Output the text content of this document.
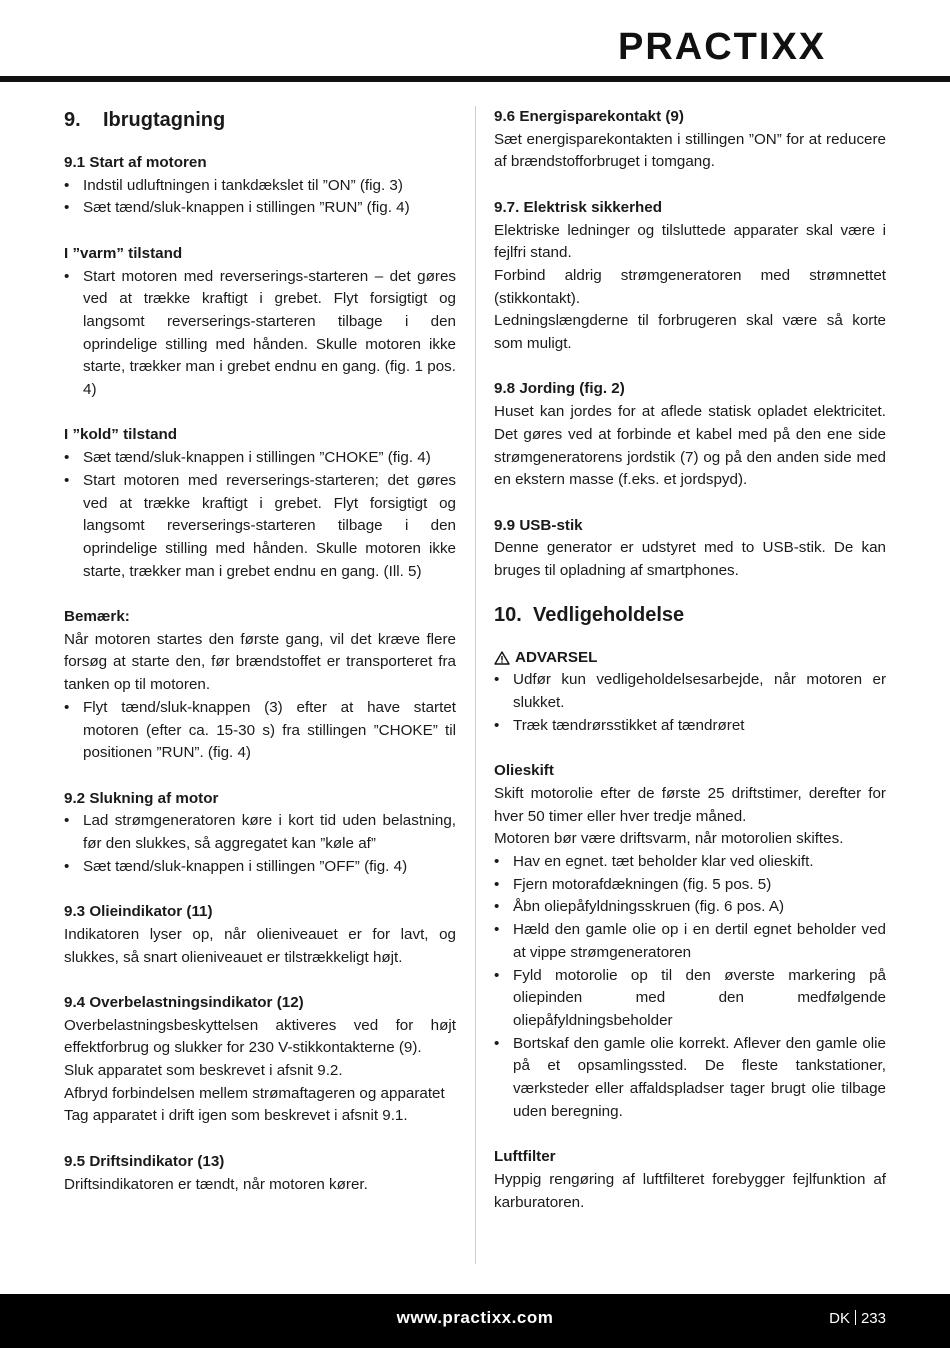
PRACTIXX
9.	Ibrugtagning
9.1 Start af motoren
• Indstil udluftningen i tankdækslet til ”ON” (fig. 3)
• Sæt tænd/sluk-knappen i stillingen ”RUN” (fig. 4)
I ”varm” tilstand
• Start motoren med reverserings-starteren – det gøres ved at trække kraftigt i grebet. Flyt forsigtigt og langsomt reverserings-starteren tilbage i den oprindelige stilling med hånden. Skulle motoren ikke starte, trækker man i grebet endnu en gang. (fig. 1 pos. 4)
I ”kold” tilstand
• Sæt tænd/sluk-knappen i stillingen ”CHOKE” (fig. 4)
• Start motoren med reverserings-starteren; det gøres ved at trække kraftigt i grebet. Flyt forsigtigt og langsomt reverserings-starteren tilbage i den oprindelige stilling med hånden. Skulle motoren ikke starte, trækker man i grebet endnu en gang. (Ill. 5)
Bemærk:

Når motoren startes den første gang, vil det kræve flere forsøg at starte den, før brændstoffet er transporteret fra tanken op til motoren.

• Flyt tænd/sluk-knappen (3) efter at have startet motoren (efter ca. 15-30 s) fra stillingen ”CHOKE” til positionen ”RUN”. (fig. 4)
9.2 Slukning af motor
• Lad strømgeneratoren køre i kort tid uden belastning, før den slukkes, så aggregatet kan ”køle af”
• Sæt tænd/sluk-knappen i stillingen ”OFF” (fig. 4)
9.3 Olieindikator (11)

Indikatoren lyser op, når olieniveauet er for lavt, og slukkes, så snart olieniveauet er tilstrækkeligt højt.

9.4 Overbelastningsindikator (12)

Overbelastningsbeskyttelsen aktiveres ved for højt effektforbrug og slukker for 230 V-stikkontakterne (9).

Sluk apparatet som beskrevet i afsnit 9.2.

Afbryd forbindelsen mellem strømaftageren og apparatet

Tag apparatet i drift igen som beskrevet i afsnit 9.1.

9.5 Driftsindikator (13)

Driftsindikatoren er tændt, når motoren kører.

9.6 Energisparekontakt (9)

Sæt energisparekontakten i stillingen ”ON” for at reducere af brændstofforbruget i tomgang.

9.7. Elektrisk sikkerhed

Elektriske ledninger og tilsluttede apparater skal være i fejlfri stand.

Forbind aldrig strømgeneratoren med strømnettet (stikkontakt).

Ledningslængderne til forbrugeren skal være så korte som muligt.

9.8 Jording (fig. 2)

Huset kan jordes for at aflede statisk opladet elektricitet. Det gøres ved at forbinde et kabel med på den ene side strømgeneratorens jordstik (7) og på den anden side med en ekstern masse (f.eks. et jordspyd).

9.9 USB-stik

Denne generator er udstyret med to USB-stik. De kan bruges til opladning af smartphones.

10. Vedligeholdelse
ADVARSEL
• Udfør kun vedligeholdelsesarbejde, når motoren er slukket.
• Træk tændrørsstikket af tændrøret
Olieskift

Skift motorolie efter de første 25 driftstimer, derefter for hver 50 timer eller hver tredje måned.

Motoren bør være driftsvarm, når motorolien skiftes.

• Hav en egnet. tæt beholder klar ved olieskift.
• Fjern motorafdækningen (fig. 5 pos. 5)
• Åbn oliepåfyldningsskruen (fig. 6 pos. A)
• Hæld den gamle olie op i en dertil egnet beholder ved at vippe strømgeneratoren
• Fyld motorolie op til den øverste markering på oliepinden med den medfølgende oliepåfyldningsbeholder
• Bortskaf den gamle olie korrekt. Aflever den gamle olie på et opsamlingssted. De fleste tankstationer, værksteder eller affaldspladser tager brugt olie tilbage uden beregning.
Luftfilter

Hyppig rengøring af luftfilteret forebygger fejlfunktion af karburatoren.

www.practixx.com	DK 233
